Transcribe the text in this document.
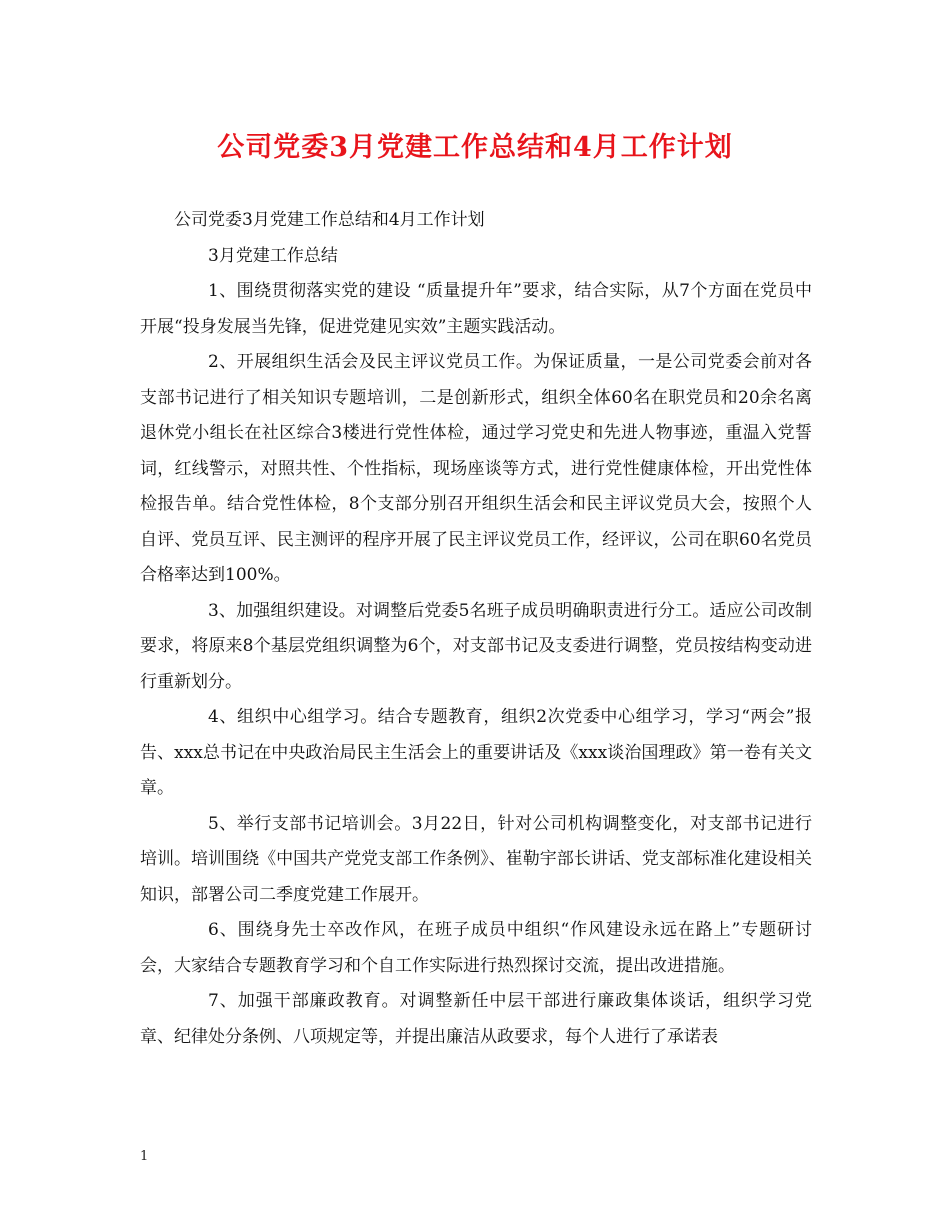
公司党委3月党建工作总结和4月工作计划

公司党委3月党建工作总结和4月工作计划

3月党建工作总结

1、围绕贯彻落实党的建设 “质量提升年”要求，结合实际，从7个方面在党员中开展“投身发展当先锋，促进党建见实效”主题实践活动。

2、开展组织生活会及民主评议党员工作。为保证质量，一是公司党委会前对各支部书记进行了相关知识专题培训，二是创新形式，组织全体60名在职党员和20余名离退休党小组长在社区综合3楼进行党性体检，通过学习党史和先进人物事迹，重温入党誓词，红线警示，对照共性、个性指标，现场座谈等方式，进行党性健康体检，开出党性体检报告单。结合党性体检，8个支部分别召开组织生活会和民主评议党员大会，按照个人自评、党员互评、民主测评的程序开展了民主评议党员工作，经评议，公司在职60名党员合格率达到100%。

3、加强组织建设。对调整后党委5名班子成员明确职责进行分工。适应公司改制要求，将原来8个基层党组织调整为6个，对支部书记及支委进行调整，党员按结构变动进行重新划分。

4、组织中心组学习。结合专题教育，组织2次党委中心组学习，学习“两会”报告、xxx总书记在中央政治局民主生活会上的重要讲话及《xxx谈治国理政》第一卷有关文章。

5、举行支部书记培训会。3月22日，针对公司机构调整变化，对支部书记进行培训。培训围绕《中国共产党党支部工作条例》、崔勒宇部长讲话、党支部标准化建设相关知识，部署公司二季度党建工作展开。

6、围绕身先士卒改作风，在班子成员中组织“作风建设永远在路上”专题研讨会，大家结合专题教育学习和个自工作实际进行热烈探讨交流，提出改进措施。

7、加强干部廉政教育。对调整新任中层干部进行廉政集体谈话，组织学习党章、纪律处分条例、八项规定等，并提出廉洁从政要求，每个人进行了承诺表

1
